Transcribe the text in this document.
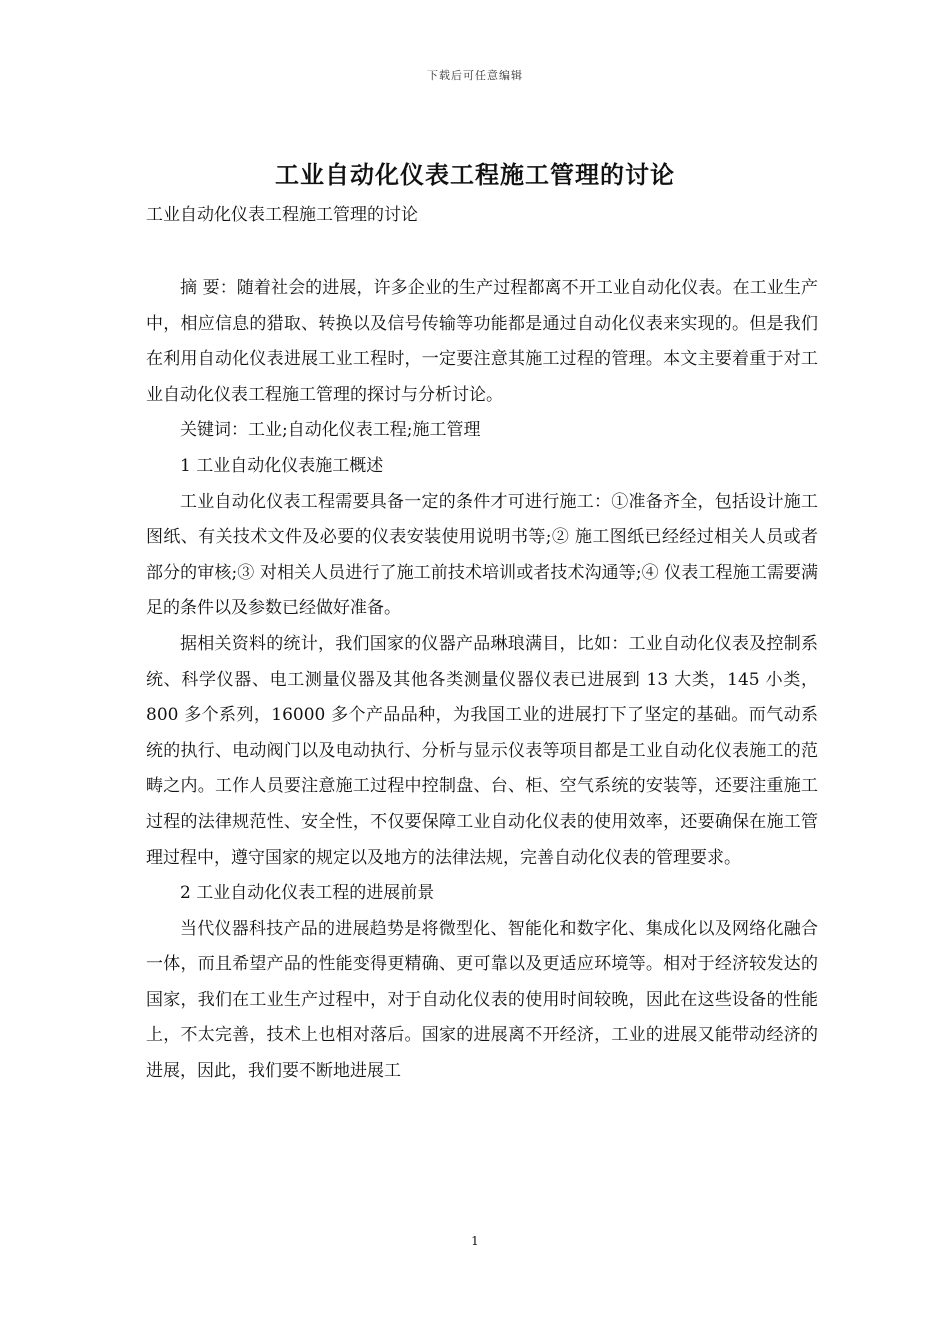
下载后可任意编辑
工业自动化仪表工程施工管理的讨论
工业自动化仪表工程施工管理的讨论

摘 要：随着社会的进展，许多企业的生产过程都离不开工业自动化仪表。在工业生产中，相应信息的猎取、转换以及信号传输等功能都是通过自动化仪表来实现的。但是我们在利用自动化仪表进展工业工程时，一定要注意其施工过程的管理。本文主要着重于对工业自动化仪表工程施工管理的探讨与分析讨论。

关键词：工业;自动化仪表工程;施工管理

1 工业自动化仪表施工概述

工业自动化仪表工程需要具备一定的条件才可进行施工：①准备齐全，包括设计施工图纸、有关技术文件及必要的仪表安装使用说明书等;② 施工图纸已经经过相关人员或者部分的审核;③ 对相关人员进行了施工前技术培训或者技术沟通等;④ 仪表工程施工需要满足的条件以及参数已经做好准备。

据相关资料的统计，我们国家的仪器产品琳琅满目，比如：工业自动化仪表及控制系统、科学仪器、电工测量仪器及其他各类测量仪器仪表已进展到 13 大类，145 小类，800 多个系列，16000 多个产品品种，为我国工业的进展打下了坚定的基础。而气动系统的执行、电动阀门以及电动执行、分析与显示仪表等项目都是工业自动化仪表施工的范畴之内。工作人员要注意施工过程中控制盘、台、柜、空气系统的安装等，还要注重施工过程的法律规范性、安全性，不仅要保障工业自动化仪表的使用效率，还要确保在施工管理过程中，遵守国家的规定以及地方的法律法规，完善自动化仪表的管理要求。

2 工业自动化仪表工程的进展前景

当代仪器科技产品的进展趋势是将微型化、智能化和数字化、集成化以及网络化融合一体，而且希望产品的性能变得更精确、更可靠以及更适应环境等。相对于经济较发达的国家，我们在工业生产过程中，对于自动化仪表的使用时间较晚，因此在这些设备的性能上，不太完善，技术上也相对落后。国家的进展离不开经济，工业的进展又能带动经济的进展，因此，我们要不断地进展工

1
